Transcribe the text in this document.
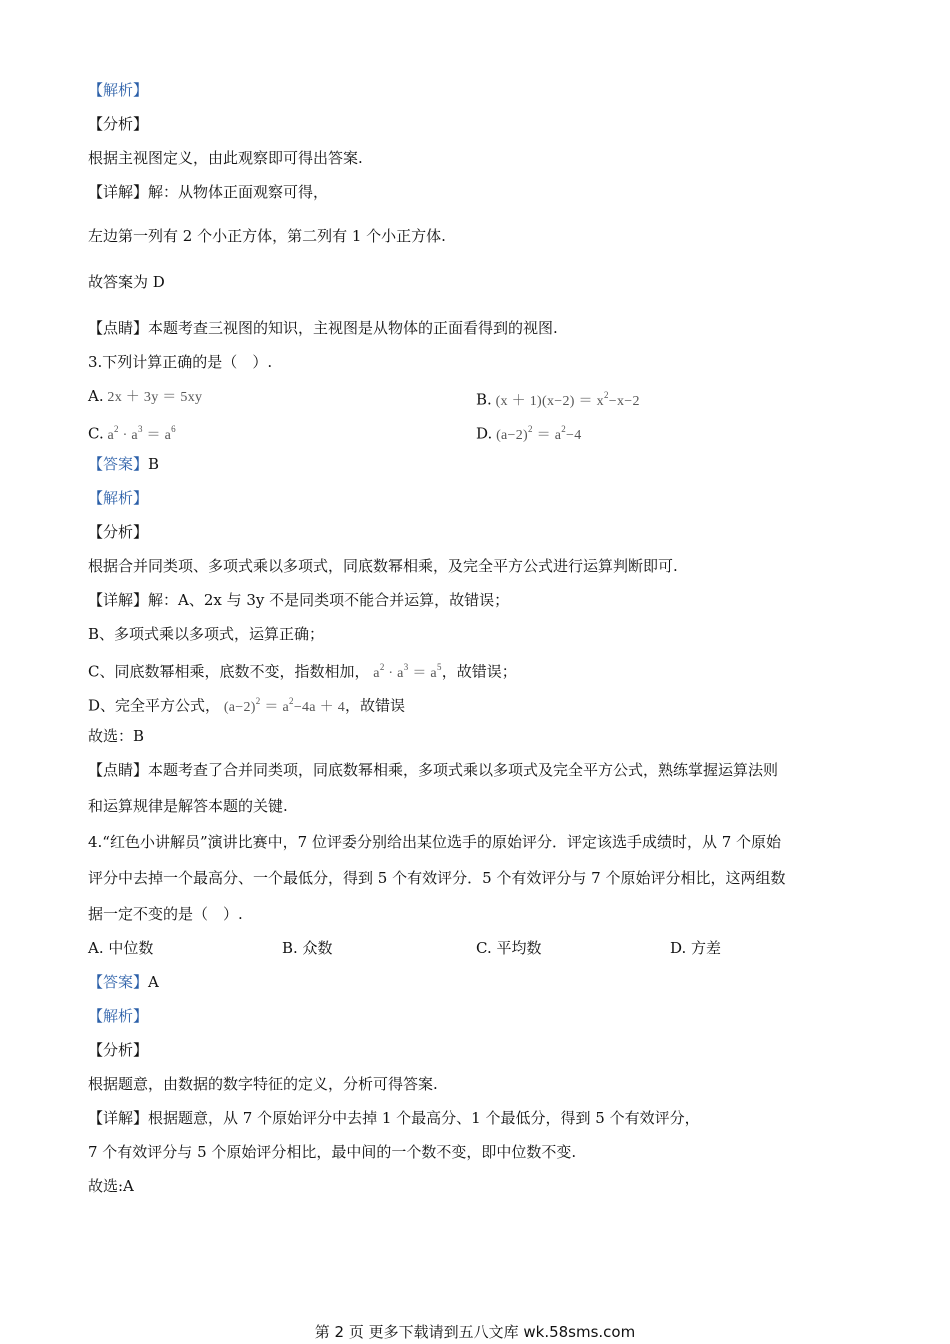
【解析】
【分析】
根据主视图定义，由此观察即可得出答案.
【详解】解：从物体正面观察可得，
左边第一列有 2 个小正方体，第二列有 1 个小正方体.
故答案为 D
【点睛】本题考查三视图的知识，主视图是从物体的正面看得到的视图.
3.下列计算正确的是（　）.
A. 2x ＋ 3y ＝ 5xy	B. $(x + 1)(x-2) = x^2-x-2$
C. $a^2 \cdot a^3 = a^6$	D. $(a-2)^2 = a^2-4$
【答案】B
【解析】
【分析】
根据合并同类项、多项式乘以多项式，同底数幂相乘，及完全平方公式进行运算判断即可.
【详解】解：A、2x 与 3y 不是同类项不能合并运算，故错误；
B、多项式乘以多项式，运算正确；
C、同底数幂相乘，底数不变，指数相加， $a^2 \cdot a^3 = a^5$，故错误；
D、完全平方公式， $(a-2)^2 = a^2-4a + 4$，故错误
故选：B
【点睛】本题考查了合并同类项，同底数幂相乘，多项式乘以多项式及完全平方公式，熟练掌握运算法则
和运算规律是解答本题的关键.
4.“红色小讲解员”演讲比赛中，7 位评委分别给出某位选手的原始评分．评定该选手成绩时，从 7 个原始
评分中去掉一个最高分、一个最低分，得到 5 个有效评分．5 个有效评分与 7 个原始评分相比，这两组数
据一定不变的是（　）.
A. 中位数	B. 众数	C. 平均数	D. 方差
【答案】A
【解析】
【分析】
根据题意，由数据的数字特征的定义，分析可得答案.
【详解】根据题意，从 7 个原始评分中去掉 1 个最高分、1 个最低分，得到 5 个有效评分，
7 个有效评分与 5 个原始评分相比，最中间的一个数不变，即中位数不变.
故选:A
第 2 页 更多下载请到五八文库 wk.58sms.com
